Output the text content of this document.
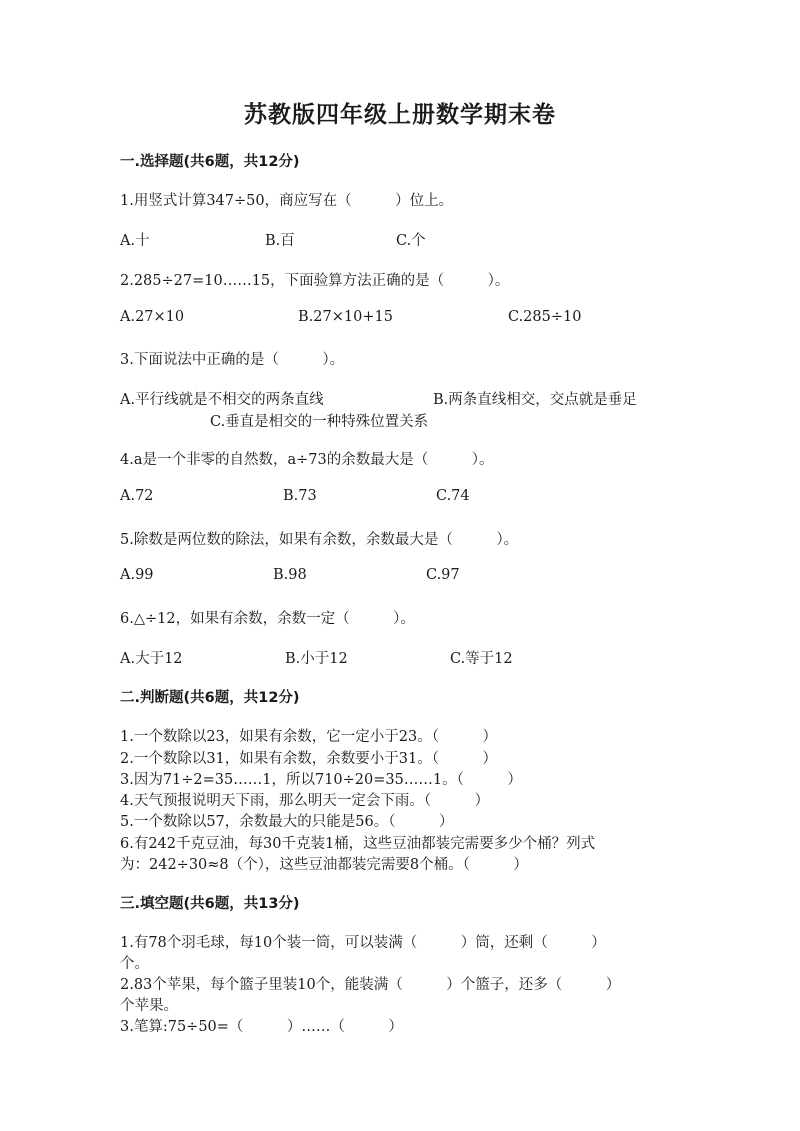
苏教版四年级上册数学期末卷
一.选择题(共6题，共12分)
1.用竖式计算347÷50，商应写在（　　　）位上。
A.十	B.百	C.个
2.285÷27=10……15，下面验算方法正确的是（　　　）。
A.27×10	B.27×10+15	C.285÷10
3.下面说法中正确的是（　　　）。
A.平行线就是不相交的两条直线	B.两条直线相交，交点就是垂足
C.垂直是相交的一种特殊位置关系
4.a是一个非零的自然数，a÷73的余数最大是（　　　）。
A.72	B.73	C.74
5.除数是两位数的除法，如果有余数，余数最大是（　　　）。
A.99	B.98	C.97
6.△÷12，如果有余数，余数一定（　　　）。
A.大于12	B.小于12	C.等于12
二.判断题(共6题，共12分)
1.一个数除以23，如果有余数，它一定小于23。（　　　）
2.一个数除以31，如果有余数，余数要小于31。（　　　）
3.因为71÷2=35……1，所以710÷20=35……1。（　　　）
4.天气预报说明天下雨，那么明天一定会下雨。（　　　）
5.一个数除以57，余数最大的只能是56。（　　　）
6.有242千克豆油，每30千克装1桶，这些豆油都装完需要多少个桶？列式
为：242÷30≈8（个），这些豆油都装完需要8个桶。（　　　）
三.填空题(共6题，共13分)
1.有78个羽毛球，每10个装一筒，可以装满（　　　）筒，还剩（　　　）
个。
2.83个苹果，每个篮子里装10个，能装满（　　　）个篮子，还多（　　　）
个苹果。
3.笔算:75÷50=（　　　）……（　　　）
